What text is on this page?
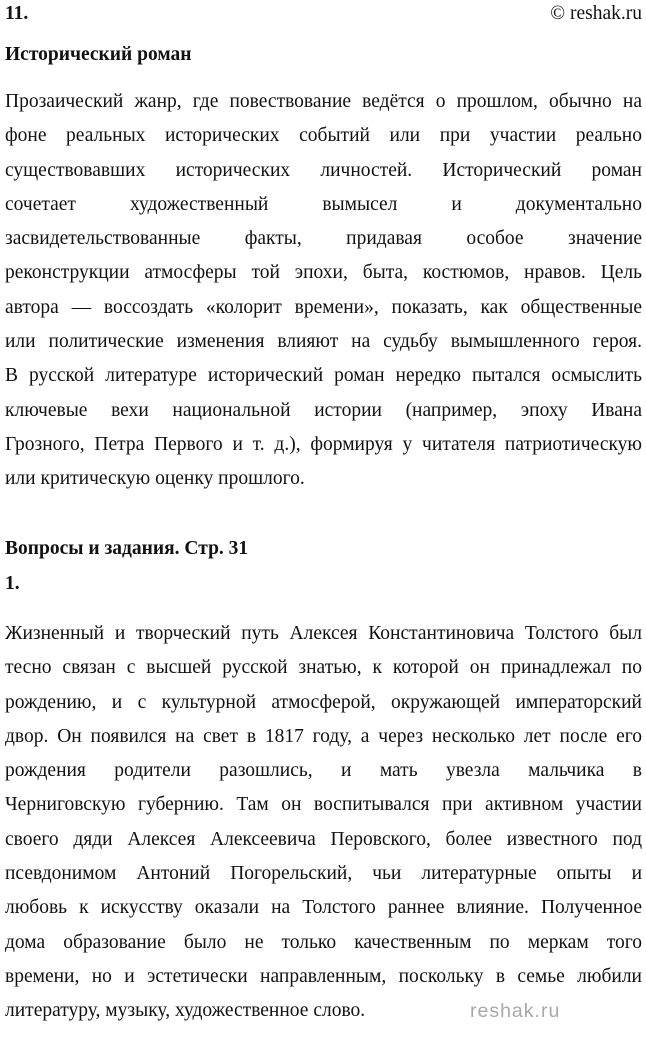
11.	© reshak.ru
Исторический роман
Прозаический жанр, где повествование ведётся о прошлом, обычно на
фоне реальных исторических событий или при участии реально
существовавших исторических личностей. Исторический роман
сочетает художественный вымысел и документально
засвидетельствованные факты, придавая особое значение
реконструкции атмосферы той эпохи, быта, костюмов, нравов. Цель
автора — воссоздать «колорит времени», показать, как общественные
или политические изменения влияют на судьбу вымышленного героя.
В русской литературе исторический роман нередко пытался осмыслить
ключевые вехи национальной истории (например, эпоху Ивана
Грозного, Петра Первого и т. д.), формируя у читателя патриотическую
или критическую оценку прошлого.
Вопросы и задания. Стр. 31
1.
Жизненный и творческий путь Алексея Константиновича Толстого был
тесно связан с высшей русской знатью, к которой он принадлежал по
рождению, и с культурной атмосферой, окружающей императорский
двор. Он появился на свет в 1817 году, а через несколько лет после его
рождения родители разошлись, и мать увезла мальчика в
Черниговскую губернию. Там он воспитывался при активном участии
своего дяди Алексея Алексеевича Перовского, более известного под
псевдонимом Антоний Погорельский, чьи литературные опыты и
любовь к искусству оказали на Толстого раннее влияние. Полученное
дома образование было не только качественным по меркам того
времени, но и эстетически направленным, поскольку в семье любили
литературу, музыку, художественное слово.	reshak.ru
